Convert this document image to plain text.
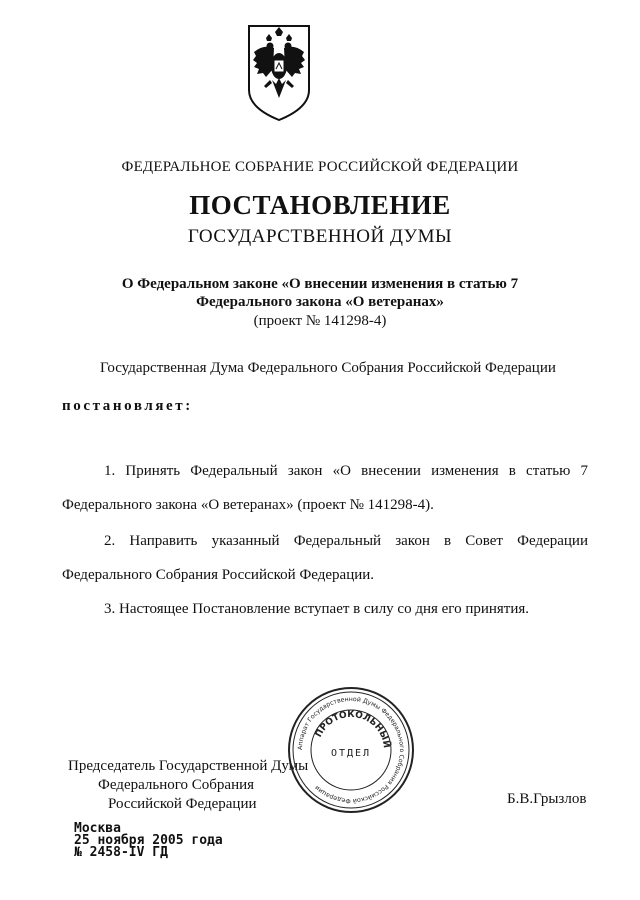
ФЕДЕРАЛЬНОЕ СОБРАНИЕ РОССИЙСКОЙ ФЕДЕРАЦИИ
ПОСТАНОВЛЕНИЕ
ГОСУДАРСТВЕННОЙ ДУМЫ
О Федеральном законе «О внесении изменения в статью 7
Федерального закона «О ветеранах»
(проект № 141298-4)
Государственная Дума Федерального Собрания Российской Федерации
постановляет:
1. Принять Федеральный закон «О внесении изменения в статью 7
Федерального закона «О ветеранах» (проект № 141298-4).
2. Направить указанный Федеральный закон в Совет Федерации
Федерального Собрания Российской Федерации.
3. Настоящее Постановление вступает в силу со дня его принятия.
Председатель Государственной Думы
Федерального Собрания
Российской Федерации
Аппарат Государственной Думы Федерального Собрания Российской Федерации
ПРОТОКОЛЬНЫЙ
ОТДЕЛ
Б.В.Грызлов
Москва
25 ноября 2005 года
№ 2458-IV ГД
